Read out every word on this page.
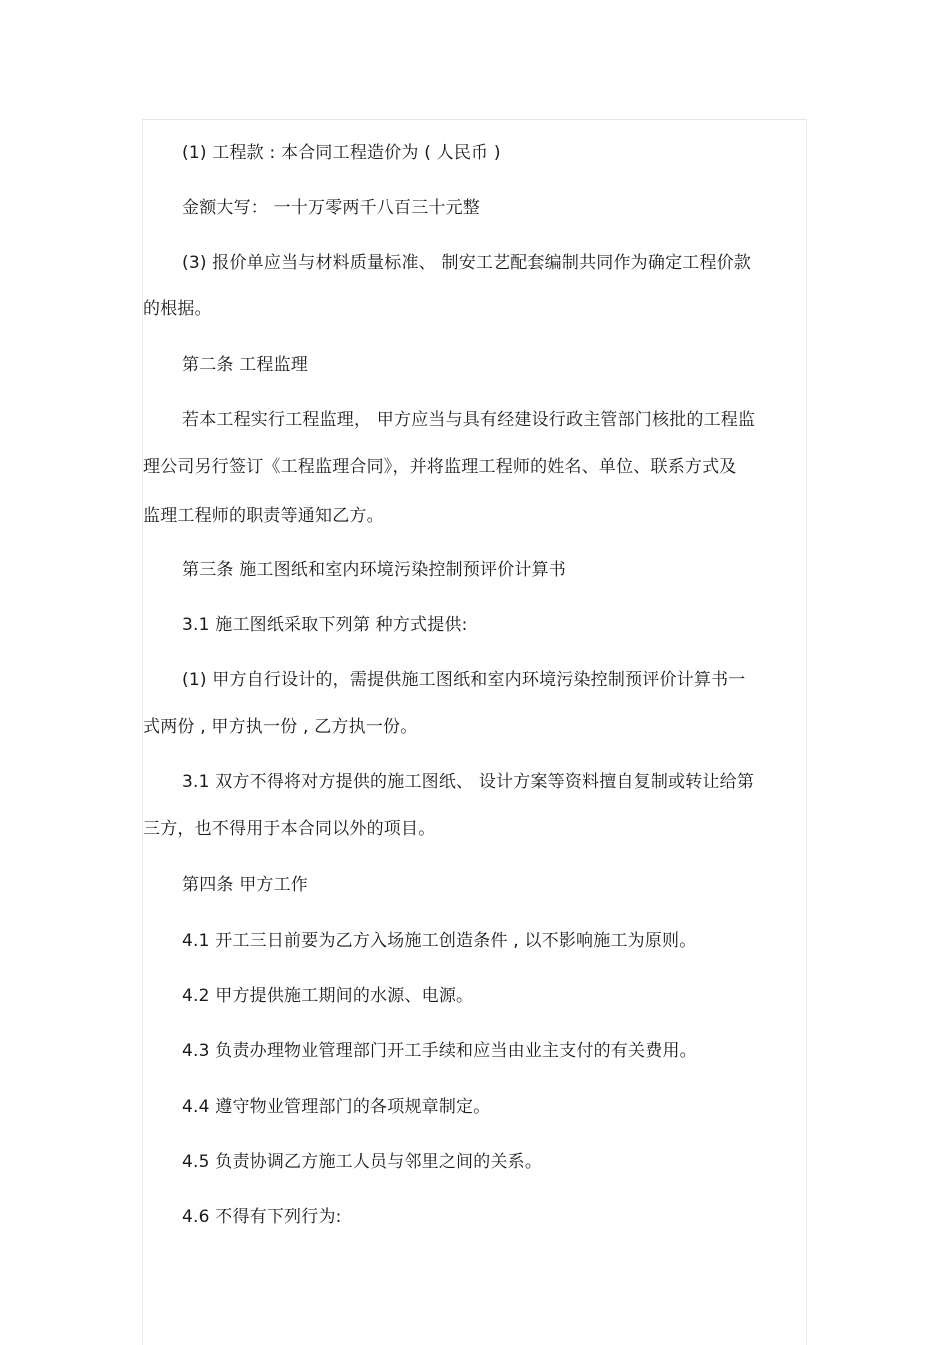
(1) 工程款 : 本合同工程造价为 ( 人民币 )
金额大写： 一十万零两千八百三十元整
(3) 报价单应当与材料质量标准、 制安工艺配套编制共同作为确定工程价款
的根据。
第二条 工程监理
若本工程实行工程监理， 甲方应当与具有经建设行政主管部门核批的工程监
理公司另行签订《工程监理合同》，并将监理工程师的姓名、单位、联系方式及
监理工程师的职责等通知乙方。
第三条 施工图纸和室内环境污染控制预评价计算书
3.1 施工图纸采取下列第 种方式提供:
(1) 甲方自行设计的，需提供施工图纸和室内环境污染控制预评价计算书一
式两份 , 甲方执一份 , 乙方执一份。
3.1 双方不得将对方提供的施工图纸、 设计方案等资料擅自复制或转让给第
三方，也不得用于本合同以外的项目。
第四条 甲方工作
4.1 开工三日前要为乙方入场施工创造条件 , 以不影响施工为原则。
4.2 甲方提供施工期间的水源、电源。
4.3 负责办理物业管理部门开工手续和应当由业主支付的有关费用。
4.4 遵守物业管理部门的各项规章制定。
4.5 负责协调乙方施工人员与邻里之间的关系。
4.6 不得有下列行为:
